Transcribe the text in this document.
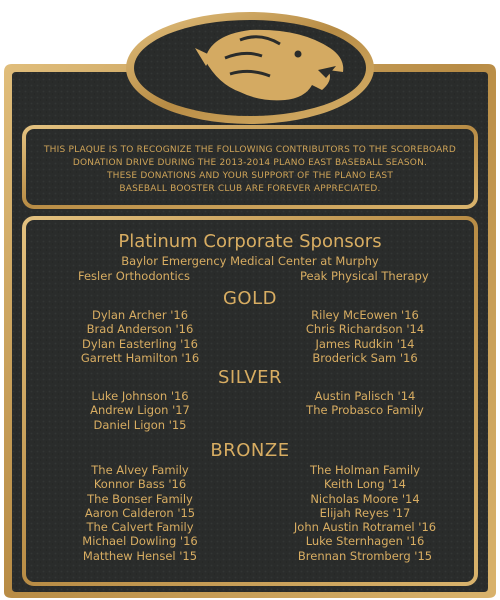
THIS PLAQUE IS TO RECOGNIZE THE FOLLOWING CONTRIBUTORS TO THE SCOREBOARD
DONATION DRIVE DURING THE 2013-2014 PLANO EAST BASEBALL SEASON.
THESE DONATIONS AND YOUR SUPPORT OF THE PLANO EAST
BASEBALL BOOSTER CLUB ARE FOREVER APPRECIATED.
Platinum Corporate Sponsors
Baylor Emergency Medical Center at Murphy
Fesler Orthodontics	Peak Physical Therapy
GOLD
Dylan Archer '16
Brad Anderson '16
Dylan Easterling '16
Garrett Hamilton '16
Riley McEowen '16
Chris Richardson '14
James Rudkin '14
Broderick Sam '16
SILVER
Luke Johnson '16
Andrew Ligon '17
Daniel Ligon '15
Austin Palisch '14
The Probasco Family
BRONZE
The Alvey Family
Konnor Bass '16
The Bonser Family
Aaron Calderon '15
The Calvert Family
Michael Dowling '16
Matthew Hensel '15
The Holman Family
Keith Long '14
Nicholas Moore '14
Elijah Reyes '17
John Austin Rotramel '16
Luke Sternhagen '16
Brennan Stromberg '15
